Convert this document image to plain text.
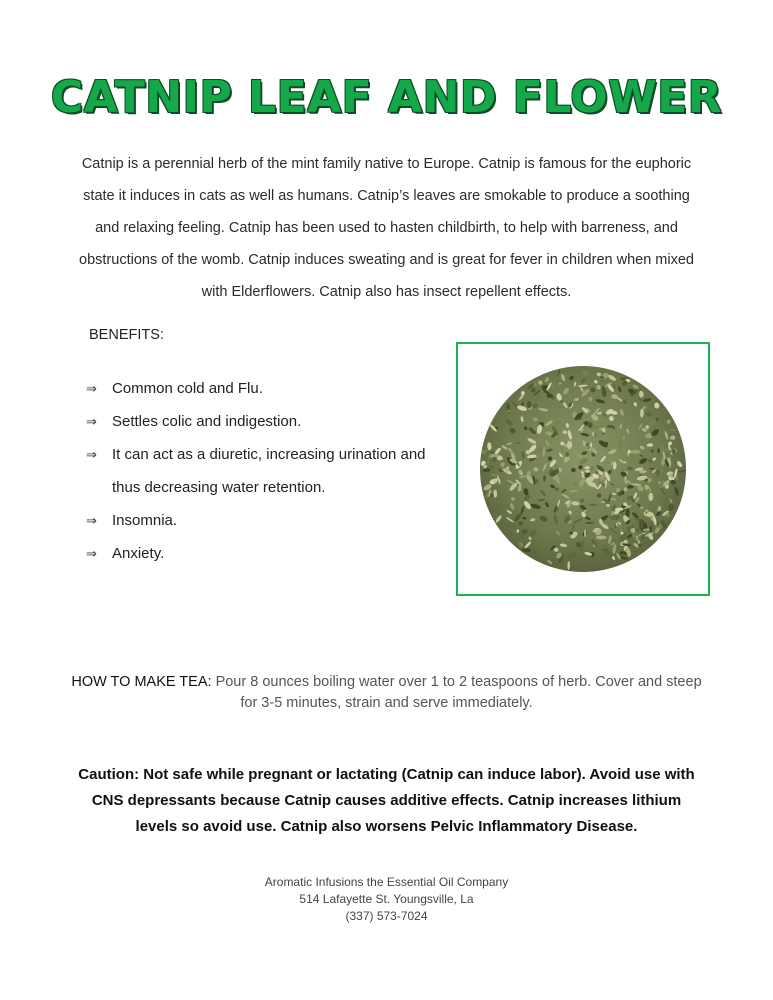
CATNIP LEAF AND FLOWER
Catnip is a perennial herb of the mint family native to Europe. Catnip is famous for the euphoric state it induces in cats as well as humans. Catnip’s leaves are smokable to produce a soothing and relaxing feeling. Catnip has been used to hasten childbirth, to help with barreness, and obstructions of the womb. Catnip induces sweating and is great for fever in children when mixed with Elderflowers. Catnip also has insect repellent effects.
BENEFITS:
⇒ Common cold and Flu.
⇒ Settles colic and indigestion.
⇒ It can act as a diuretic, increasing urination and thus decreasing water retention.
⇒ Insomnia.
⇒ Anxiety.
HOW TO MAKE TEA: Pour 8 ounces boiling water over 1 to 2 teaspoons of herb. Cover and steep for 3-5 minutes, strain and serve immediately.
Caution: Not safe while pregnant or lactating (Catnip can induce labor). Avoid use with CNS depressants because Catnip causes additive effects. Catnip increases lithium levels so avoid use. Catnip also worsens Pelvic Inflammatory Disease.
Aromatic Infusions the Essential Oil Company
514 Lafayette St. Youngsville, La
(337) 573-7024
